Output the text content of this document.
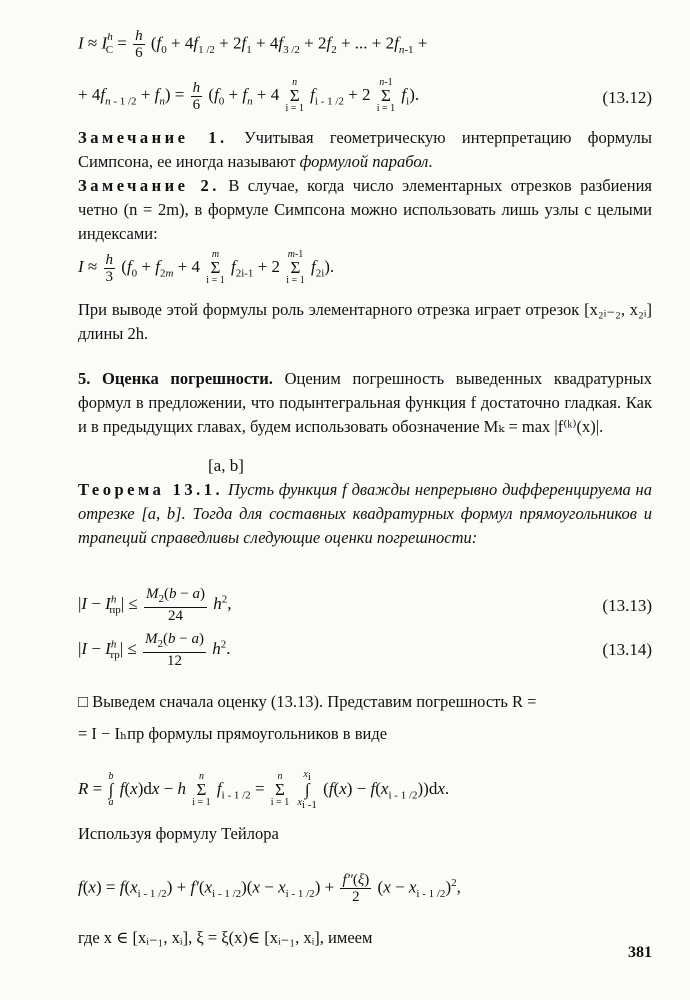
$I \approx I^h_C = \frac{h}{6} (f_0 + 4f_{1 /2} + 2f_1 + 4f_{3 /2} + 2f_2$ + ... + $2f_{n-1}$ +
+ $4f_{n - 1 /2} + f_n) = \frac{h}{6} (f_0 + f_n + 4$ n
Σ
i = 1 $f_{i - 1 /2} + 2$ n-1
Σ
i = 1 $f_i$).	(13.12)
Замечание 1. Учитывая геометрическую интерпретацию формулы Симпсона, ее иногда называют формулой парабол.
Замечание 2. В случае, когда число элементарных отрезков разбиения четно (n = 2m), в формуле Симпсона можно использовать лишь узлы с целыми индексами:
$I \approx \frac{h}{3} (f_0 + f_{2m} + 4$ m
Σ
i = 1 $f_{2i-1} + 2$ m-1
Σ
i = 1 $f_{2i}$).
При выводе этой формулы роль элементарного отрезка играет отрезок [x₂ᵢ₋₂, x₂ᵢ] длины 2h.
5. Оценка погрешности. Оценим погрешность выведенных квадратурных формул в предложении, что подынтегральная функция f достаточно гладкая. Как и в предыдущих главах, будем использовать обозначение Mₖ = max |f⁽ᵏ⁾(x)|.
[a, b]
Теорема 13.1. Пусть функция f дважды непрерывно дифференцируема на отрезке [a, b]. Тогда для составных квадратурных формул прямоугольников и трапеций справедливы следующие оценки погрешности:
$|I - I^h_{пр}| \le \frac{M_2(b - a)}{24} h^2$,	(13.13)
$|I - I^h_{тр}| \le \frac{M_2(b - a)}{12} h^2$.	(13.14)
□ Выведем сначала оценку (13.13). Представим погрешность R =
= I − Iₕпр формулы прямоугольников в виде
R = b
∫
a f(x)dx − h n
Σ
i = 1 $f_{i - 1 /2} = n$
Σ
i = 1 $x_i$
∫
$x_{i -1}$ $(f(x) - f(x_{i - 1 /2}))dx$.
Используя формулу Тейлора
$f(x) = f(x_{i - 1 /2}) + f'(x_{i - 1 /2})(x - x_{i - 1 /2}) + \frac{f''(\xi)}{2} (x - x_{i - 1 /2})^2$,
где x ∈ [xᵢ₋₁, xᵢ], ξ = ξ(x)∈ [xᵢ₋₁, xᵢ], имеем
381
